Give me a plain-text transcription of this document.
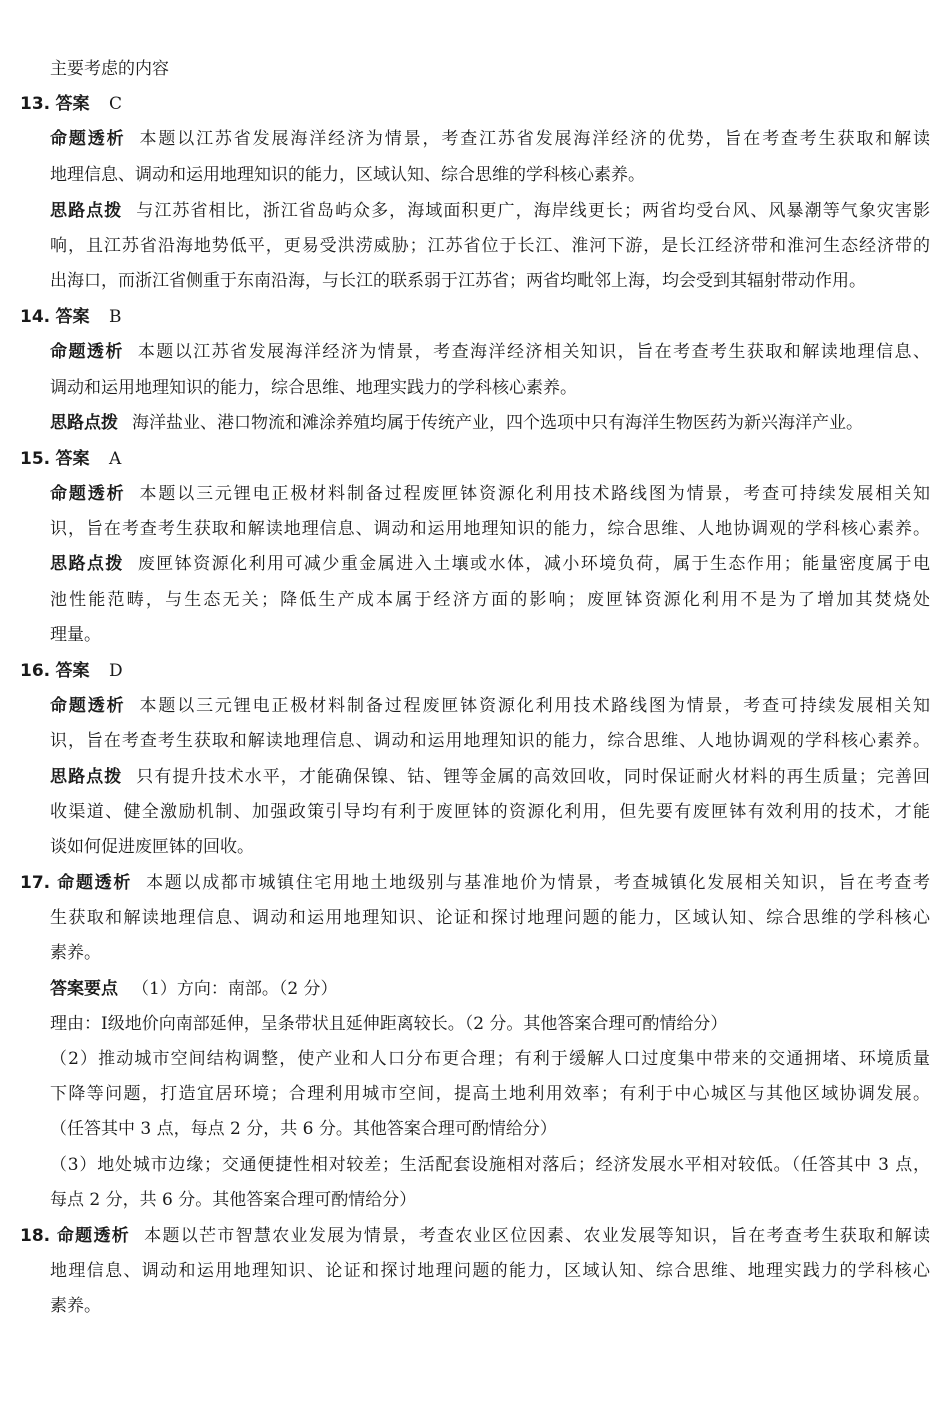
主要考虑的内容
13. 答案 C
命题透析 本题以江苏省发展海洋经济为情景，考查江苏省发展海洋经济的优势，旨在考查考生获取和解读
地理信息、调动和运用地理知识的能力，区域认知、综合思维的学科核心素养。
思路点拨 与江苏省相比，浙江省岛屿众多，海域面积更广，海岸线更长；两省均受台风、风暴潮等气象灾害影
响，且江苏省沿海地势低平，更易受洪涝威胁；江苏省位于长江、淮河下游，是长江经济带和淮河生态经济带的
出海口，而浙江省侧重于东南沿海，与长江的联系弱于江苏省；两省均毗邻上海，均会受到其辐射带动作用。
14. 答案 B
命题透析 本题以江苏省发展海洋经济为情景，考查海洋经济相关知识，旨在考查考生获取和解读地理信息、
调动和运用地理知识的能力，综合思维、地理实践力的学科核心素养。
思路点拨 海洋盐业、港口物流和滩涂养殖均属于传统产业，四个选项中只有海洋生物医药为新兴海洋产业。
15. 答案 A
命题透析 本题以三元锂电正极材料制备过程废匣钵资源化利用技术路线图为情景，考查可持续发展相关知
识，旨在考查考生获取和解读地理信息、调动和运用地理知识的能力，综合思维、人地协调观的学科核心素养。
思路点拨 废匣钵资源化利用可减少重金属进入土壤或水体，减小环境负荷，属于生态作用；能量密度属于电
池性能范畴，与生态无关；降低生产成本属于经济方面的影响；废匣钵资源化利用不是为了增加其焚烧处
理量。
16. 答案 D
命题透析 本题以三元锂电正极材料制备过程废匣钵资源化利用技术路线图为情景，考查可持续发展相关知
识，旨在考查考生获取和解读地理信息、调动和运用地理知识的能力，综合思维、人地协调观的学科核心素养。
思路点拨 只有提升技术水平，才能确保镍、钴、锂等金属的高效回收，同时保证耐火材料的再生质量；完善回
收渠道、健全激励机制、加强政策引导均有利于废匣钵的资源化利用，但先要有废匣钵有效利用的技术，才能
谈如何促进废匣钵的回收。
17. 命题透析 本题以成都市城镇住宅用地土地级别与基准地价为情景，考查城镇化发展相关知识，旨在考查考
生获取和解读地理信息、调动和运用地理知识、论证和探讨地理问题的能力，区域认知、综合思维的学科核心
素养。
答案要点 （1）方向：南部。（2 分）
理由：Ⅰ级地价向南部延伸，呈条带状且延伸距离较长。（2 分。其他答案合理可酌情给分）
（2）推动城市空间结构调整，使产业和人口分布更合理；有利于缓解人口过度集中带来的交通拥堵、环境质量
下降等问题，打造宜居环境；合理利用城市空间，提高土地利用效率；有利于中心城区与其他区域协调发展。
（任答其中 3 点，每点 2 分，共 6 分。其他答案合理可酌情给分）
（3）地处城市边缘；交通便捷性相对较差；生活配套设施相对落后；经济发展水平相对较低。（任答其中 3 点，
每点 2 分，共 6 分。其他答案合理可酌情给分）
18. 命题透析 本题以芒市智慧农业发展为情景，考查农业区位因素、农业发展等知识，旨在考查考生获取和解读
地理信息、调动和运用地理知识、论证和探讨地理问题的能力，区域认知、综合思维、地理实践力的学科核心
素养。
